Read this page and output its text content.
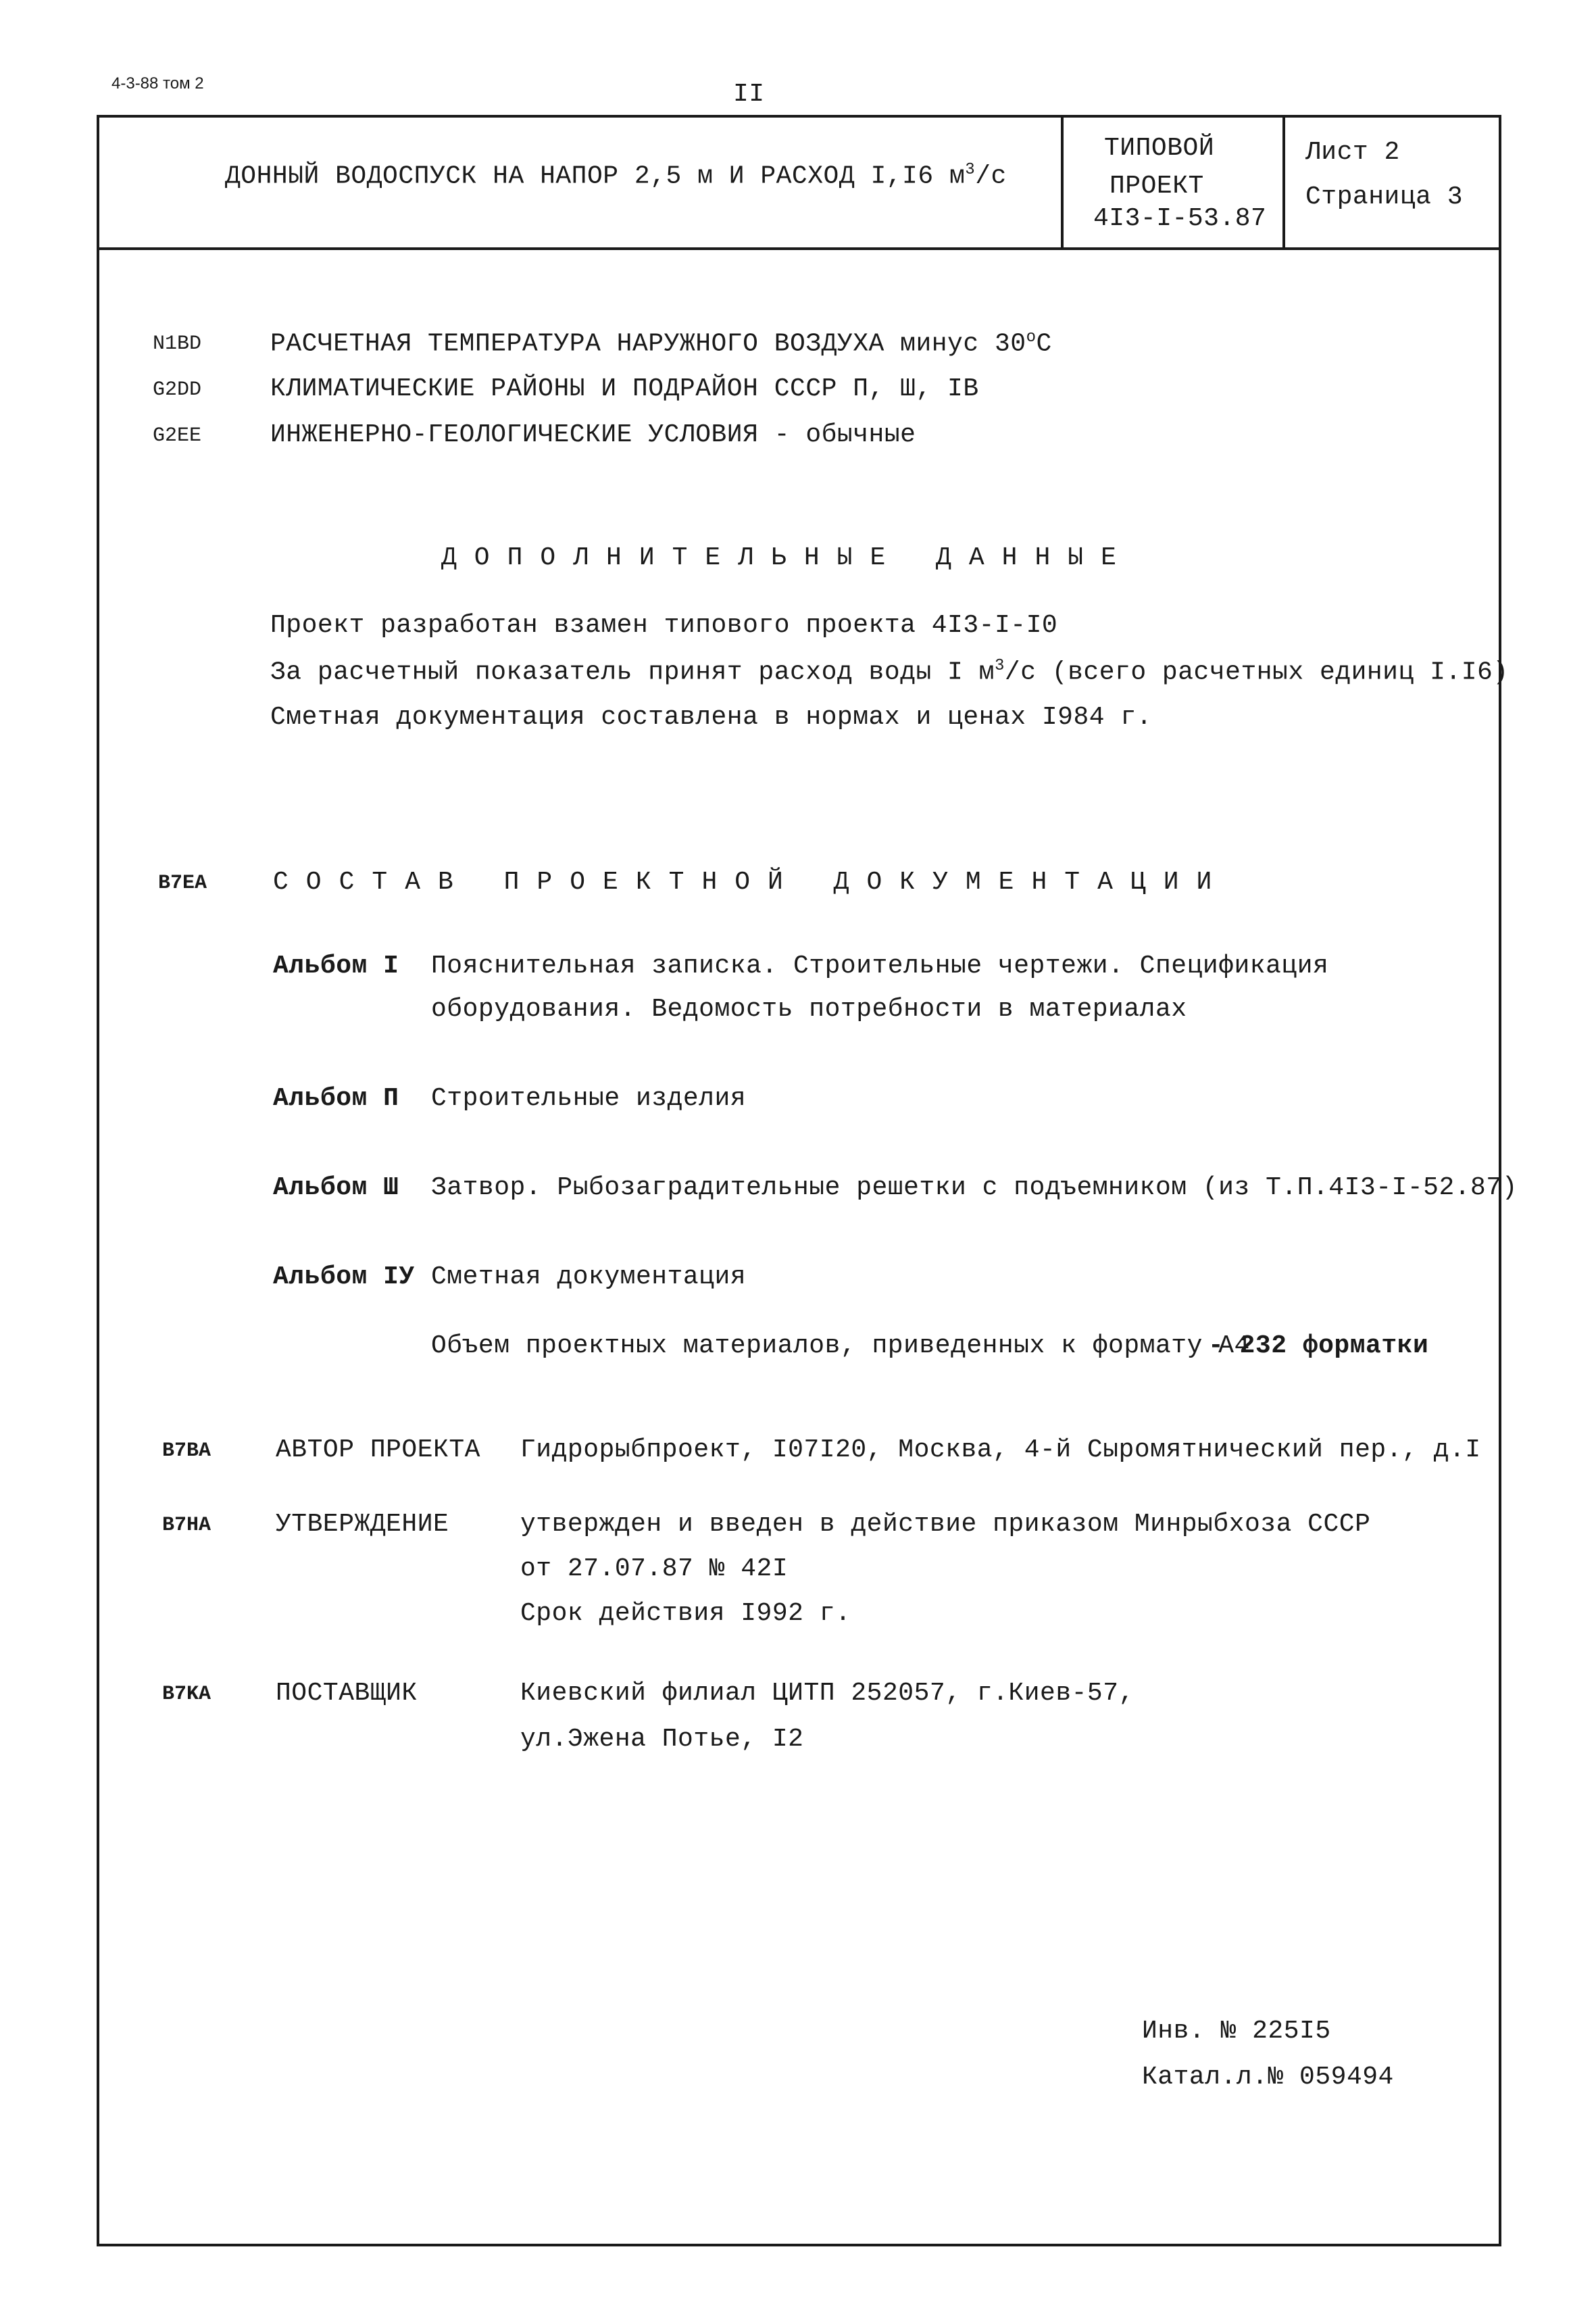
4-3-88 том 2	II
ДОННЫЙ ВОДОСПУСК НА НАПОР 2,5 м И РАСХОД I,I6 $м^3/с$
ТИПОВОЙ
ПРОЕКТ
4I3-I-53.87
Лист 2
Страница 3
N1BD	РАСЧЕТНАЯ ТЕМПЕРАТУРА НАРУЖНОГО ВОЗДУХА минус $30^оС$
G2DD	КЛИМАТИЧЕСКИЕ РАЙОНЫ И ПОДРАЙОН СССР П, Ш, IВ
G2EE	ИНЖЕНЕРНО-ГЕОЛОГИЧЕСКИЕ УСЛОВИЯ - обычные
ДОПОЛНИТЕЛЬНЫЕ ДАННЫЕ
Проект разработан взамен типового проекта 4I3-I-I0
За расчетный показатель принят расход воды I $м^3/с$ (всего расчетных единиц I.I6)
Сметная документация составлена в нормах и ценах I984 г.
B7EA	СОСТАВ ПРОЕКТНОЙ ДОКУМЕНТАЦИИ
Альбом I Пояснительная записка. Строительные чертежи. Спецификация
оборудования. Ведомость потребности в материалах
Альбом П Строительные изделия
Альбом Ш Затвор. Рыбозаградительные решетки с подъемником (из Т.П.4I3-I-52.87)
Альбом IУ Сметная документация
Объем проектных материалов, приведенных к формату А4
- 232 форматки
B7BA	АВТОР ПРОЕКТА Гидрорыбпроект, I07I20, Москва, 4-й Сыромятнический пер., д.I
B7HA	УТВЕРЖДЕНИЕ	утвержден и введен в действие приказом Минрыбхоза СССР
от 27.07.87 № 42I
Срок действия I992 г.
B7KA	ПОСТАВЩИК	Киевский филиал ЦИТП 252057, г.Киев-57,
ул.Эжена Потье, I2
Инв. № 225I5
Катал.л.№ 059494
